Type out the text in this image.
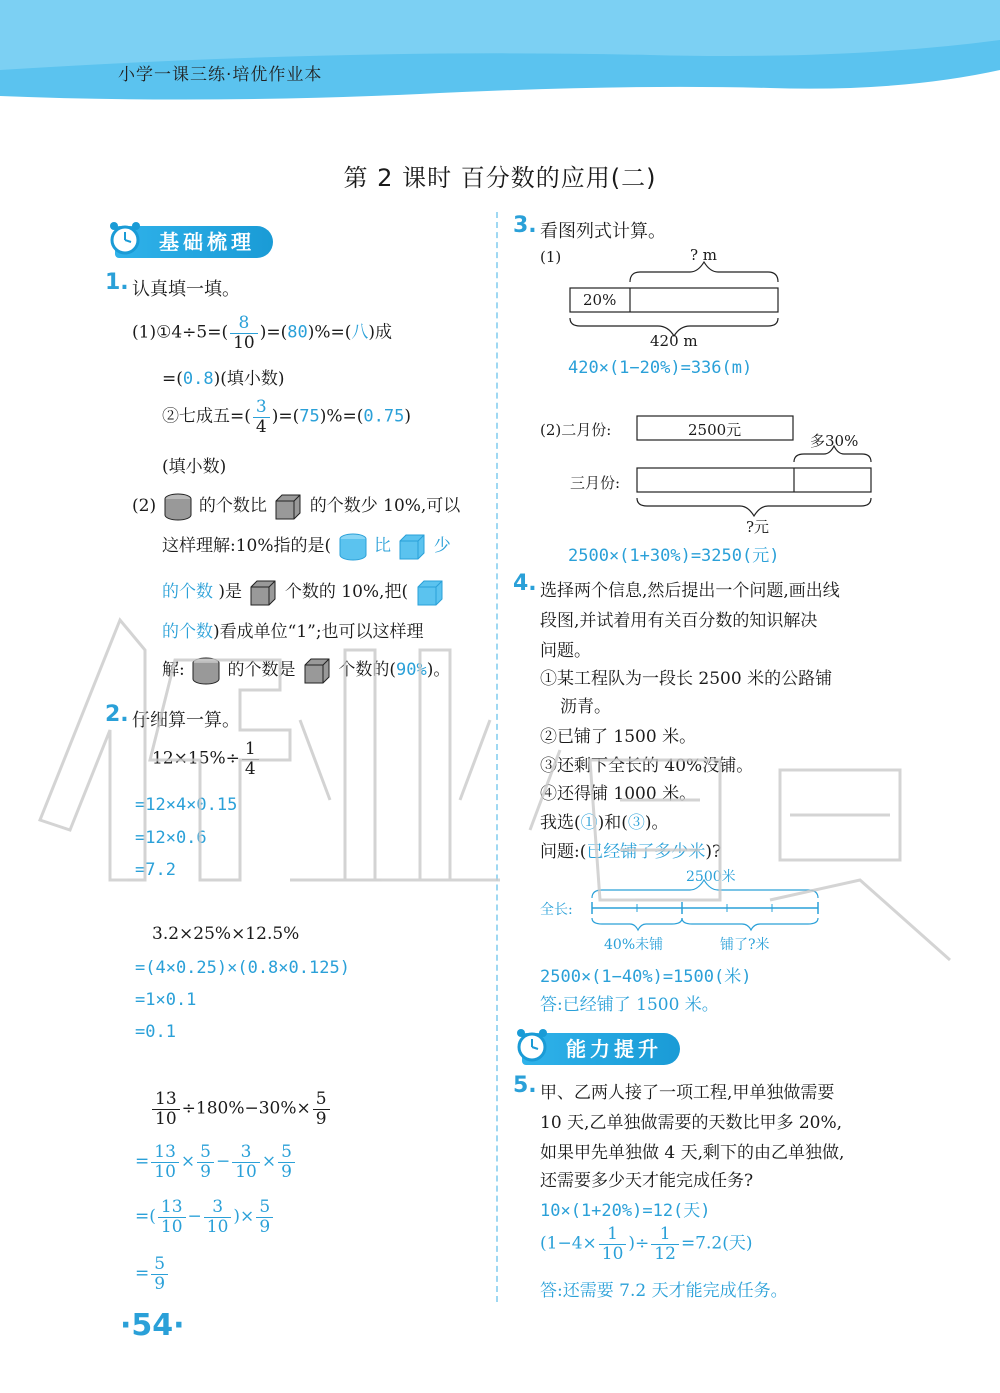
小学一课三练·培优作业本
第 2 课时 百分数的应用(二)
基础梳理
1. 认真填一填。
(1)①4÷5=( $\frac{8}{10} )=(80)\%=$(八)成
=(0.8)(填小数)
②七成五=( $\frac{3}{4} )=(75)\%=(0.75)$
(填小数)
(2)	的个数比	的个数少 10%,可以
这样理解:10%指的是(	比	少
的个数 )是	个数的 10%,把(
的个数)看成单位“1”;也可以这样理
解:	的个数是	个数的(90%)。
2. 仔细算一算。
$12\times 15\%\div \frac{1}{4}$
=12×4×0.15
=12×0.6
=7.2
3.2×25%×12.5%
=(4×0.25)×(0.8×0.125)
=1×0.1
=0.1
$\frac{13}{10} \div 180\%-30\%\times \frac{5}{9}$
= $\frac{13}{10} \times \frac{5}{9} - \frac{3}{10} \times \frac{5}{9}$
=( $\frac{13}{10} - \frac{3}{10}$ )× $\frac{5}{9}$
= $\frac{5}{9}$
3. 看图列式计算。
(1)	? m
20%
420 m
420×(1−20%)=336(m)
(2)二月份:	2500元
多30%
三月份:
?元
2500×(1+30%)=3250(元)
4. 选择两个信息,然后提出一个问题,画出线
段图,并试着用有关百分数的知识解决
问题。
①某工程队为一段长 2500 米的公路铺
沥青。
②已铺了 1500 米。
③还剩下全长的 40%没铺。
④还得铺 1000 米。
我选(①)和(③)。
问题:(已经铺了多少米)?
2500米
全长:
40%未铺	铺了?米
2500×(1−40%)=1500(米)
答:已经铺了 1500 米。
能力提升
5. 甲、乙两人接了一项工程,甲单独做需要
10 天,乙单独做需要的天数比甲多 20%,
如果甲先单独做 4 天,剩下的由乙单独做,
还需要多少天才能完成任务?
10×(1+20%)=12(天)
($1-4\times \frac{1}{10}$ )÷ $\frac{1}{12} =7.2$(天)
答:还需要 7.2 天才能完成任务。
·54·
